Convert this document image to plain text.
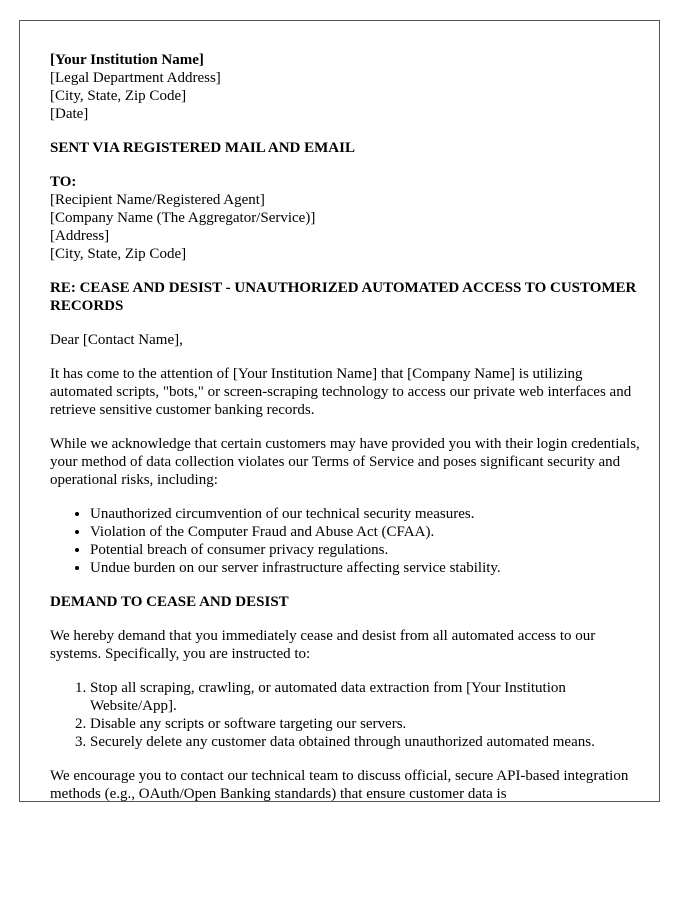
[Your Institution Name]
[Legal Department Address]
[City, State, Zip Code]
[Date]
SENT VIA REGISTERED MAIL AND EMAIL
TO:
[Recipient Name/Registered Agent]
[Company Name (The Aggregator/Service)]
[Address]
[City, State, Zip Code]
RE: CEASE AND DESIST - UNAUTHORIZED AUTOMATED ACCESS TO CUSTOMER RECORDS

Dear [Contact Name],

It has come to the attention of [Your Institution Name] that [Company Name] is utilizing automated scripts, "bots," or screen-scraping technology to access our private web interfaces and retrieve sensitive customer banking records.

While we acknowledge that certain customers may have provided you with their login credentials, your method of data collection violates our Terms of Service and poses significant security and operational risks, including:

• Unauthorized circumvention of our technical security measures.
• Violation of the Computer Fraud and Abuse Act (CFAA).
• Potential breach of consumer privacy regulations.
• Undue burden on our server infrastructure affecting service stability.
DEMAND TO CEASE AND DESIST

We hereby demand that you immediately cease and desist from all automated access to our systems. Specifically, you are instructed to:

1. Stop all scraping, crawling, or automated data extraction from [Your Institution Website/App].
2. Disable any scripts or software targeting our servers.
3. Securely delete any customer data obtained through unauthorized automated means.

We encourage you to contact our technical team to discuss official, secure API-based integration methods (e.g., OAuth/Open Banking standards) that ensure customer data is
